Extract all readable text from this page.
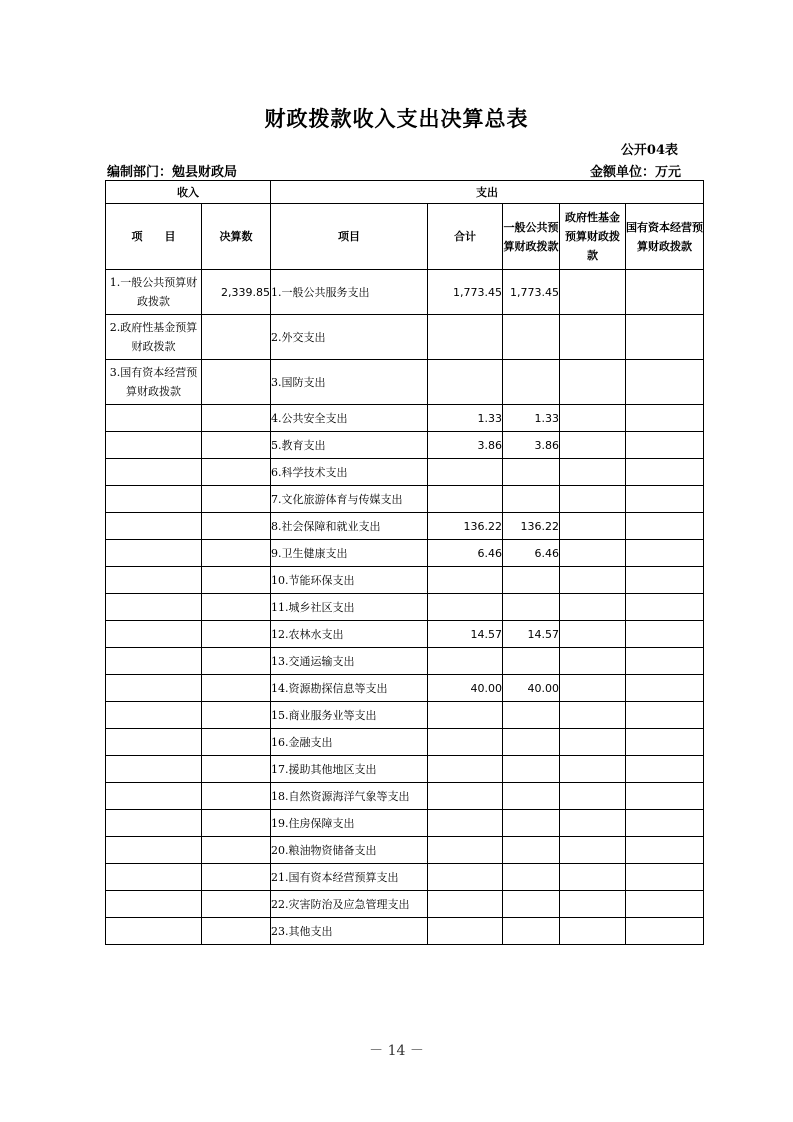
财政拨款收入支出决算总表
公开04表
编制部门：勉县财政局	金额单位：万元
收入		支出				
项　　目	决算数	项目	合计	一般公共预算财政拨款	政府性基金预算财政拨款	国有资本经营预算财政拨款
1.一般公共预算财政拨款	2,339.85	1.一般公共服务支出	1,773.45	1,773.45		
2.政府性基金预算财政拨款		2.外交支出				
3.国有资本经营预算财政拨款		3.国防支出				
		4.公共安全支出	1.33	1.33		
		5.教育支出	3.86	3.86		
		6.科学技术支出				
		7.文化旅游体育与传媒支出				
		8.社会保障和就业支出	136.22	136.22		
		9.卫生健康支出	6.46	6.46		
		10.节能环保支出				
		11.城乡社区支出				
		12.农林水支出	14.57	14.57		
		13.交通运输支出				
		14.资源勘探信息等支出	40.00	40.00		
		15.商业服务业等支出				
		16.金融支出				
		17.援助其他地区支出				
		18.自然资源海洋气象等支出				
		19.住房保障支出				
		20.粮油物资储备支出				
		21.国有资本经营预算支出				
		22.灾害防治及应急管理支出				
		23.其他支出				
－ 14 －
